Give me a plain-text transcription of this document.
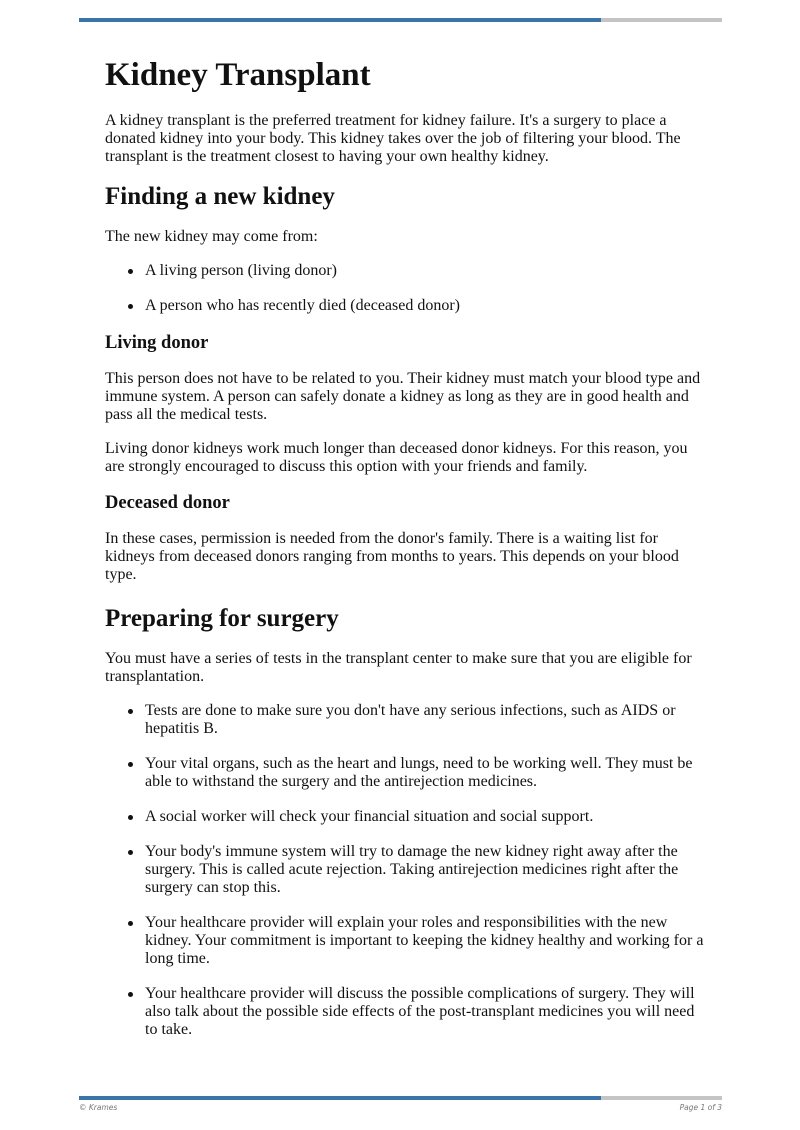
Kidney Transplant

A kidney transplant is the preferred treatment for kidney failure. It's a surgery to place a donated kidney into your body. This kidney takes over the job of filtering your blood. The transplant is the treatment closest to having your own healthy kidney.

Finding a new kidney

The new kidney may come from:

A living person (living donor)
A person who has recently died (deceased donor)
Living donor

This person does not have to be related to you. Their kidney must match your blood type and immune system. A person can safely donate a kidney as long as they are in good health and pass all the medical tests.

Living donor kidneys work much longer than deceased donor kidneys. For this reason, you are strongly encouraged to discuss this option with your friends and family.

Deceased donor

In these cases, permission is needed from the donor's family. There is a waiting list for kidneys from deceased donors ranging from months to years. This depends on your blood type.

Preparing for surgery

You must have a series of tests in the transplant center to make sure that you are eligible for transplantation.

Tests are done to make sure you don't have any serious infections, such as AIDS or hepatitis B.
Your vital organs, such as the heart and lungs, need to be working well. They must be able to withstand the surgery and the antirejection medicines.
A social worker will check your financial situation and social support.
Your body's immune system will try to damage the new kidney right away after the surgery. This is called acute rejection. Taking antirejection medicines right after the surgery can stop this.
Your healthcare provider will explain your roles and responsibilities with the new kidney. Your commitment is important to keeping the kidney healthy and working for a long time.
Your healthcare provider will discuss the possible complications of surgery. They will also talk about the possible side effects of the post-transplant medicines you will need to take.
© Krames	Page 1 of 3
